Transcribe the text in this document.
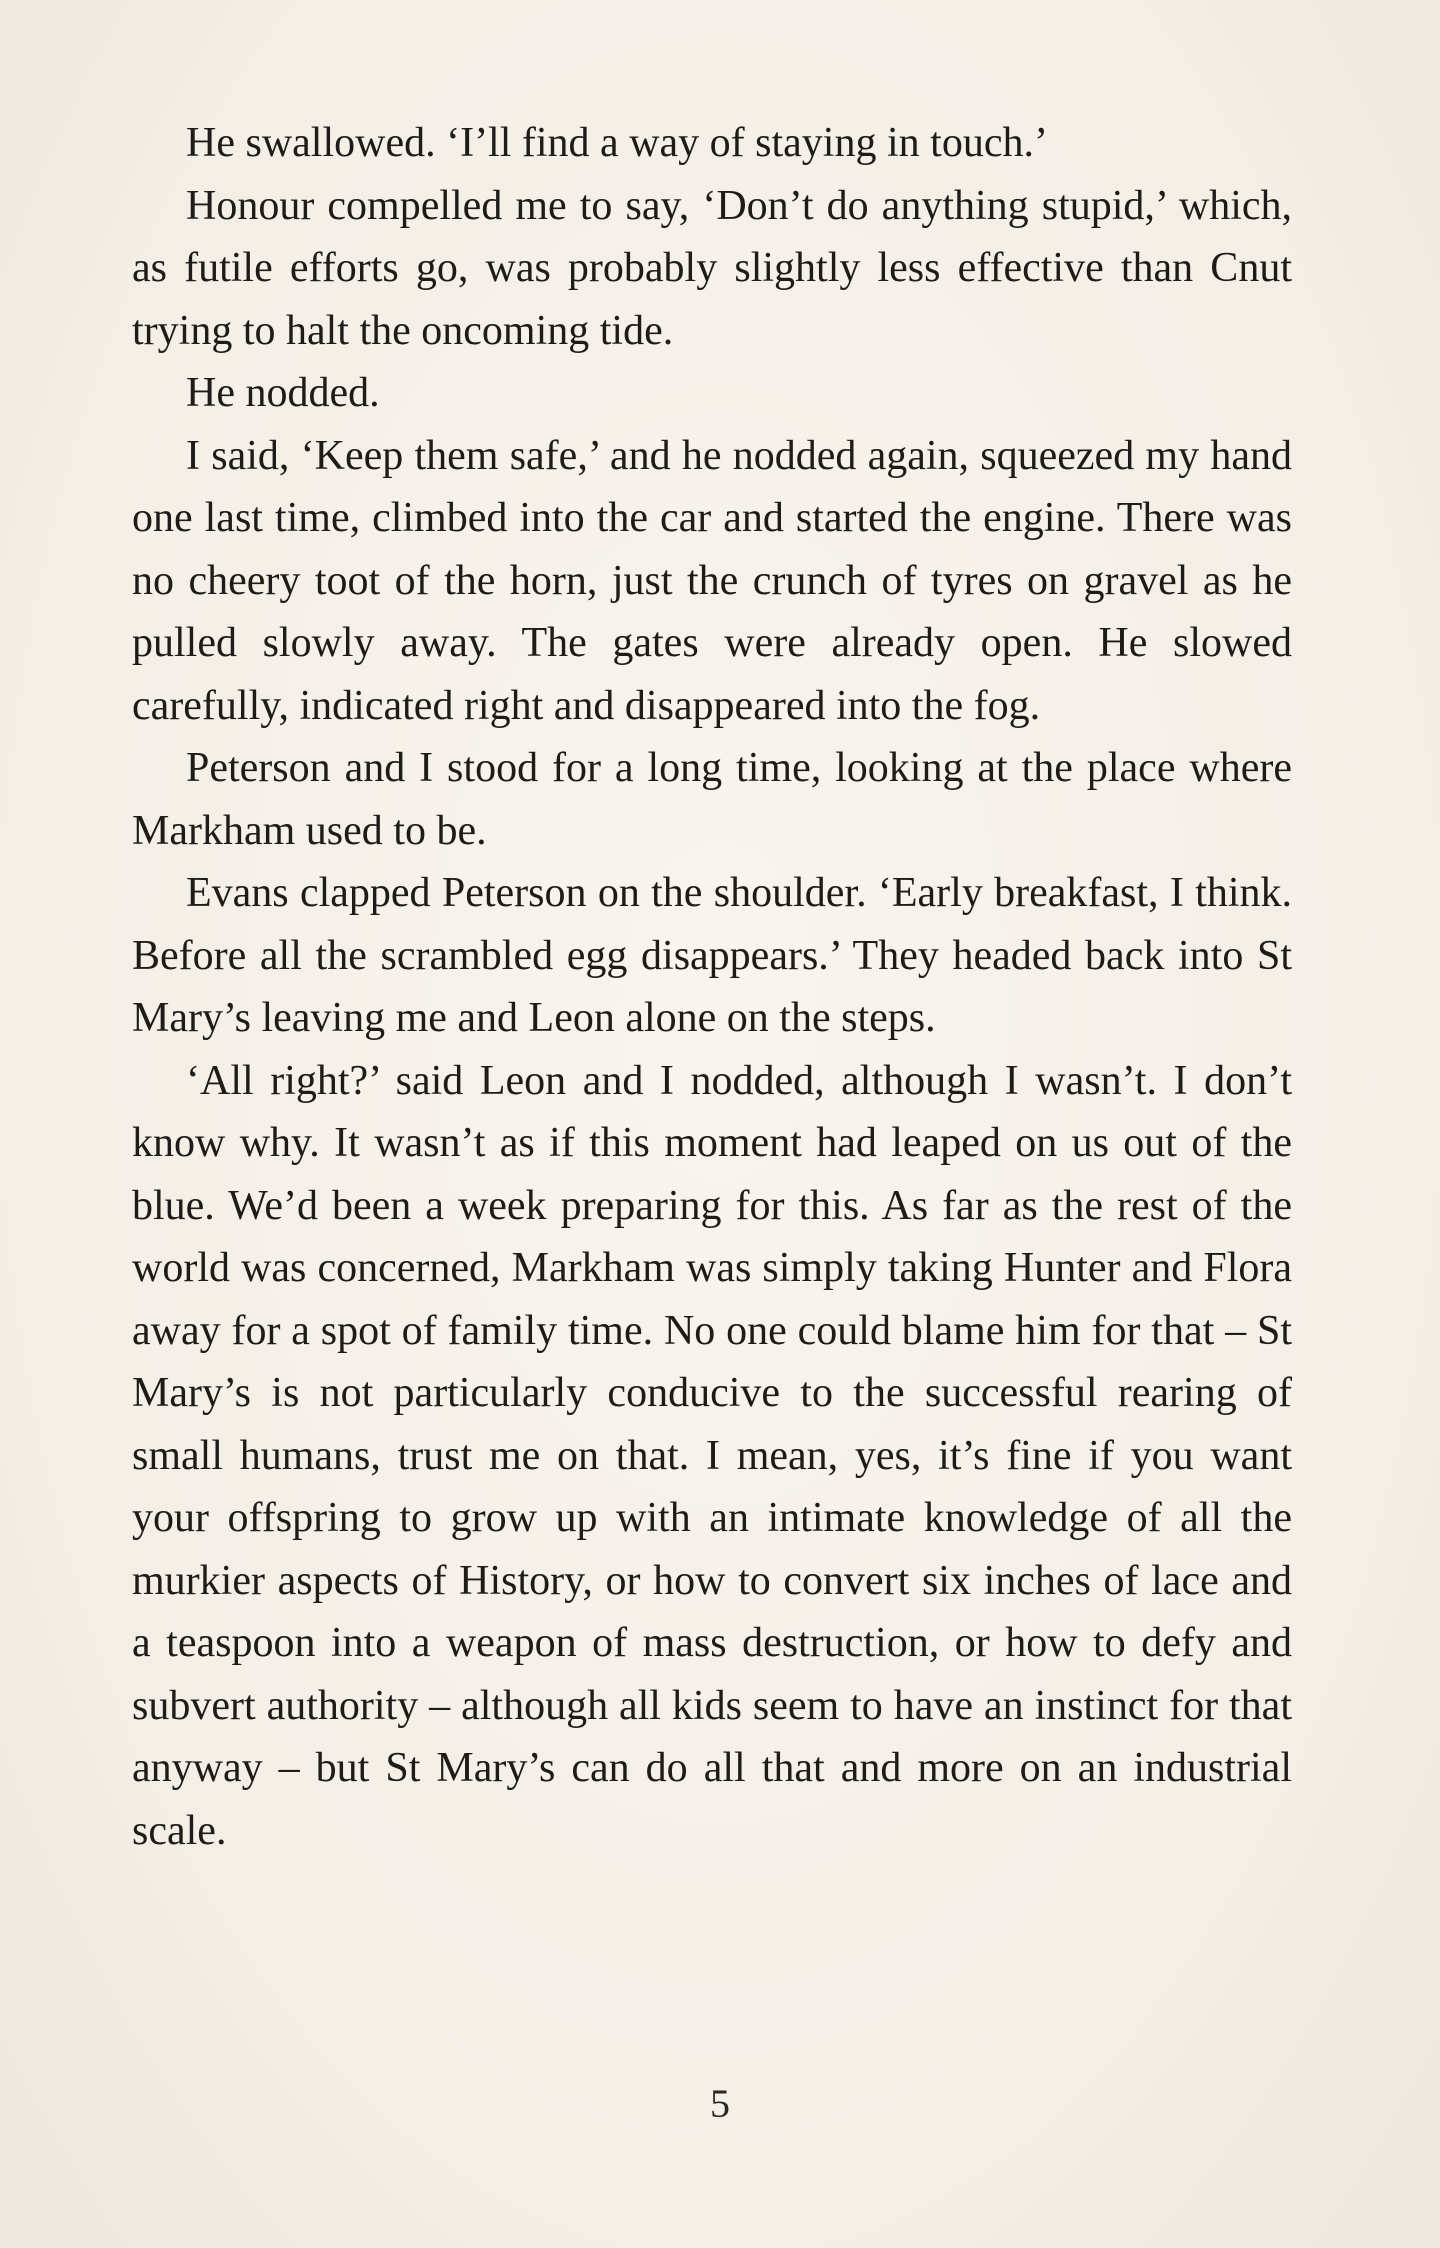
He swallowed. ‘I’ll find a way of staying in touch.’

Honour compelled me to say, ‘Don’t do anything stupid,’ which, as futile efforts go, was probably slightly less effective than Cnut trying to halt the oncoming tide.

He nodded.

I said, ‘Keep them safe,’ and he nodded again, squeezed my hand one last time, climbed into the car and started the engine. There was no cheery toot of the horn, just the crunch of tyres on gravel as he pulled slowly away. The gates were already open. He slowed carefully, indicated right and disappeared into the fog.

Peterson and I stood for a long time, looking at the place where Markham used to be.

Evans clapped Peterson on the shoulder. ‘Early breakfast, I think. Before all the scrambled egg disappears.’ They headed back into St Mary’s leaving me and Leon alone on the steps.

‘All right?’ said Leon and I nodded, although I wasn’t. I don’t know why. It wasn’t as if this moment had leaped on us out of the blue. We’d been a week preparing for this. As far as the rest of the world was concerned, Markham was simply taking Hunter and Flora away for a spot of family time. No one could blame him for that – St Mary’s is not particularly conducive to the successful rearing of small humans, trust me on that. I mean, yes, it’s fine if you want your offspring to grow up with an intimate knowledge of all the murkier aspects of History, or how to convert six inches of lace and a teaspoon into a weapon of mass destruction, or how to defy and subvert authority – although all kids seem to have an instinct for that anyway – but St Mary’s can do all that and more on an industrial scale.

5
